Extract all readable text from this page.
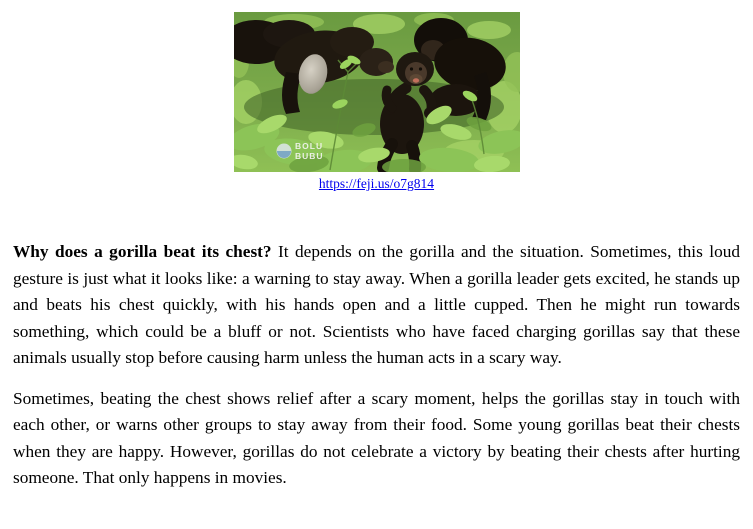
BOLU
BUBU
https://feji.us/o7g814

Why does a gorilla beat its chest? It depends on the gorilla and the situation. Sometimes, this loud gesture is just what it looks like: a warning to stay away. When a gorilla leader gets excited, he stands up and beats his chest quickly, with his hands open and a little cupped. Then he might run towards something, which could be a bluff or not. Scientists who have faced charging gorillas say that these animals usually stop before causing harm unless the human acts in a scary way.

Sometimes, beating the chest shows relief after a scary moment, helps the gorillas stay in touch with each other, or warns other groups to stay away from their food. Some young gorillas beat their chests when they are happy. However, gorillas do not celebrate a victory by beating their chests after hurting someone. That only happens in movies.
